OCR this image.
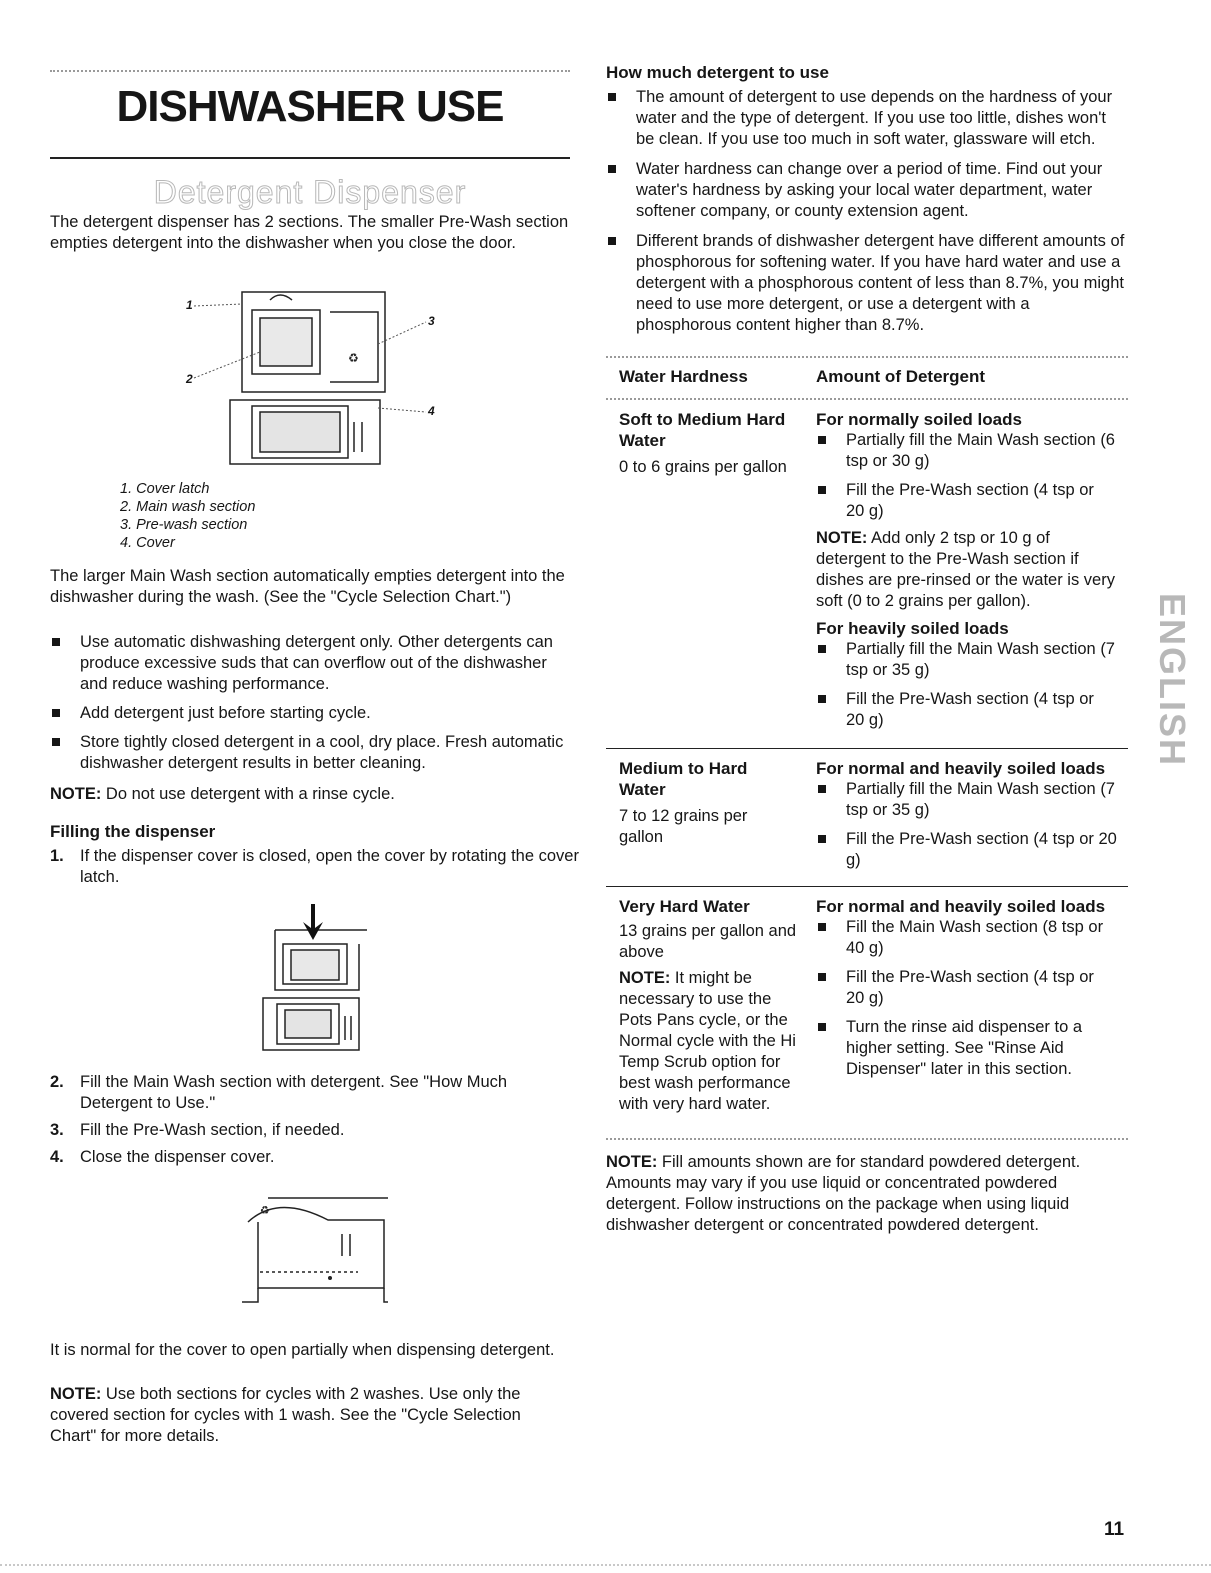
DISHWASHER USE
Detergent Dispenser

The detergent dispenser has 2 sections. The smaller Pre-Wash section empties detergent into the dishwasher when you close the door.

♻
1
2
3
4
1. Cover latch
2. Main wash section
3. Pre-wash section
4. Cover

The larger Main Wash section automatically empties detergent into the dishwasher during the wash. (See the "Cycle Selection Chart.")

Use automatic dishwashing detergent only. Other detergents can produce excessive suds that can overflow out of the dishwasher and reduce washing performance.

Add detergent just before starting cycle.

Store tightly closed detergent in a cool, dry place. Fresh automatic dishwasher detergent results in better cleaning.

NOTE: Do not use detergent with a rinse cycle.

Filling the dispenser

1. If the dispenser cover is closed, open the cover by rotating the cover latch.

2. Fill the Main Wash section with detergent. See "How Much Detergent to Use."

3. Fill the Pre-Wash section, if needed.

4. Close the dispenser cover.

♻

It is normal for the cover to open partially when dispensing detergent.

NOTE: Use both sections for cycles with 2 washes. Use only the covered section for cycles with 1 wash. See the "Cycle Selection Chart" for more details.

How much detergent to use

The amount of detergent to use depends on the hardness of your water and the type of detergent. If you use too little, dishes won't be clean. If you use too much in soft water, glassware will etch.

Water hardness can change over a period of time. Find out your water's hardness by asking your local water department, water softener company, or county extension agent.

Different brands of dishwasher detergent have different amounts of phosphorous for softening water. If you have hard water and use a detergent with a phosphorous content of less than 8.7%, you might need to use more detergent, or use a detergent with a phosphorous content higher than 8.7%.

Water Hardness	Amount of Detergent

Soft to Medium Hard Water

0 to 6 grains per gallon

For normally soiled loads

Partially fill the Main Wash section (6 tsp or 30 g)

Fill the Pre-Wash section (4 tsp or 20 g)

NOTE: Add only 2 tsp or 10 g of detergent to the Pre-Wash section if dishes are pre-rinsed or the water is very soft (0 to 2 grains per gallon).

For heavily soiled loads

Partially fill the Main Wash section (7 tsp or 35 g)

Fill the Pre-Wash section (4 tsp or 20 g)

Medium to Hard Water

7 to 12 grains per gallon

For normal and heavily soiled loads

Partially fill the Main Wash section (7 tsp or 35 g)

Fill the Pre-Wash section (4 tsp or 20 g)

Very Hard Water

13 grains per gallon and above

NOTE: It might be necessary to use the Pots Pans cycle, or the Normal cycle with the Hi Temp Scrub option for best wash performance with very hard water.

For normal and heavily soiled loads

Fill the Main Wash section (8 tsp or 40 g)

Fill the Pre-Wash section (4 tsp or 20 g)

Turn the rinse aid dispenser to a higher setting. See "Rinse Aid Dispenser" later in this section.

NOTE: Fill amounts shown are for standard powdered detergent. Amounts may vary if you use liquid or concentrated powdered detergent. Follow instructions on the package when using liquid dishwasher detergent or concentrated powdered detergent.

ENGLISH
11
